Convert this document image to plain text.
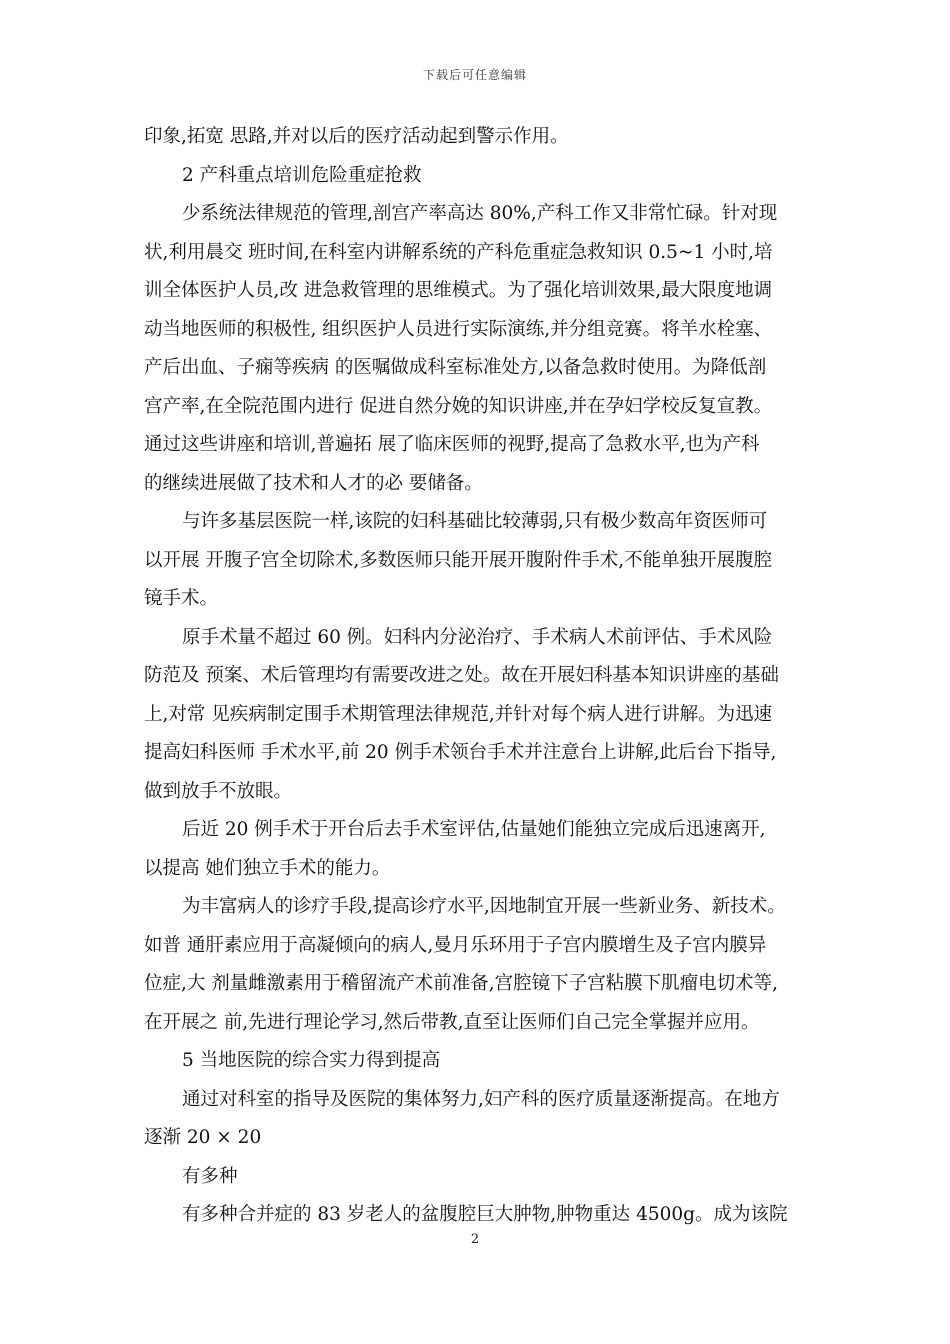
下载后可任意编辑
印象,拓宽 思路,并对以后的医疗活动起到警示作用。
2 产科重点培训危险重症抢救
少系统法律规范的管理,剖宫产率高达 80%,产科工作又非常忙碌。针对现
状,利用晨交 班时间,在科室内讲解系统的产科危重症急救知识 0.5~1 小时,培
训全体医护人员,改 进急救管理的思维模式。为了强化培训效果,最大限度地调
动当地医师的积极性, 组织医护人员进行实际演练,并分组竞赛。将羊水栓塞、
产后出血、子痫等疾病 的医嘱做成科室标准处方,以备急救时使用。为降低剖
宫产率,在全院范围内进行 促进自然分娩的知识讲座,并在孕妇学校反复宣教。
通过这些讲座和培训,普遍拓 展了临床医师的视野,提高了急救水平,也为产科
的继续进展做了技术和人才的必 要储备。
与许多基层医院一样,该院的妇科基础比较薄弱,只有极少数高年资医师可
以开展 开腹子宫全切除术,多数医师只能开展开腹附件手术,不能单独开展腹腔
镜手术。
原手术量不超过 60 例。妇科内分泌治疗、手术病人术前评估、手术风险
防范及 预案、术后管理均有需要改进之处。故在开展妇科基本知识讲座的基础
上,对常 见疾病制定围手术期管理法律规范,并针对每个病人进行讲解。为迅速
提高妇科医师 手术水平,前 20 例手术领台手术并注意台上讲解,此后台下指导,
做到放手不放眼。
后近 20 例手术于开台后去手术室评估,估量她们能独立完成后迅速离开,
以提高 她们独立手术的能力。
为丰富病人的诊疗手段,提高诊疗水平,因地制宜开展一些新业务、新技术。
如普 通肝素应用于高凝倾向的病人,曼月乐环用于子宫内膜增生及子宫内膜异
位症,大 剂量雌激素用于稽留流产术前准备,宫腔镜下子宫粘膜下肌瘤电切术等,
在开展之 前,先进行理论学习,然后带教,直至让医师们自己完全掌握并应用。
5 当地医院的综合实力得到提高
通过对科室的指导及医院的集体努力,妇产科的医疗质量逐渐提高。在地方
逐渐 20 × 20
有多种
有多种合并症的 83 岁老人的盆腹腔巨大肿物,肿物重达 4500g。成为该院
2
